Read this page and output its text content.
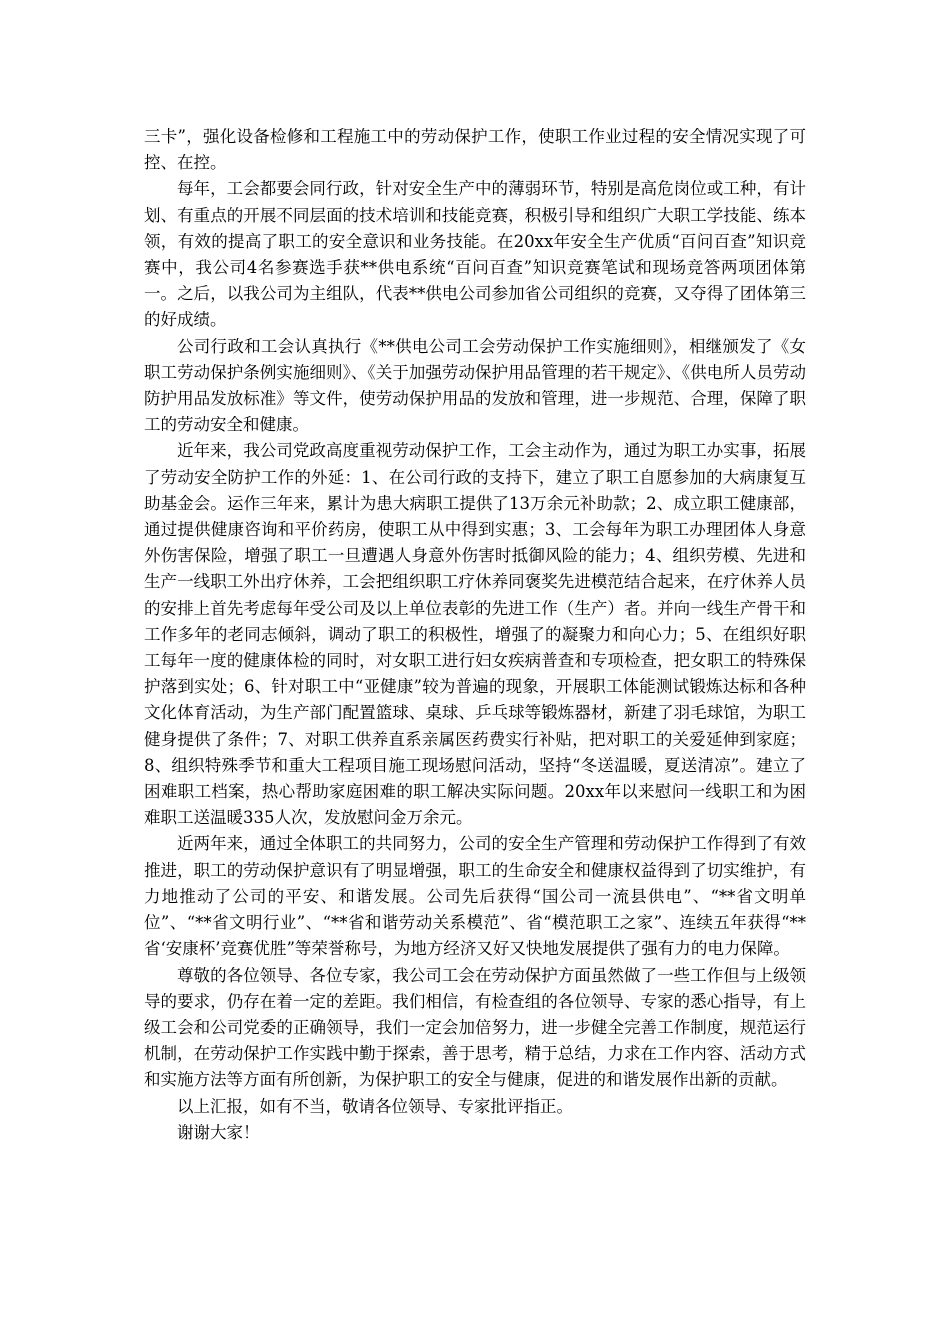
三卡”，强化设备检修和工程施工中的劳动保护工作，使职工作业过程的安全情况实现了可控、在控。

每年，工会都要会同行政，针对安全生产中的薄弱环节，特别是高危岗位或工种，有计划、有重点的开展不同层面的技术培训和技能竞赛，积极引导和组织广大职工学技能、练本领，有效的提高了职工的安全意识和业务技能。在20xx年安全生产优质“百问百查”知识竞赛中，我公司4名参赛选手获**供电系统“百问百查”知识竞赛笔试和现场竞答两项团体第一。之后，以我公司为主组队，代表**供电公司参加省公司组织的竞赛，又夺得了团体第三的好成绩。

公司行政和工会认真执行《**供电公司工会劳动保护工作实施细则》，相继颁发了《女职工劳动保护条例实施细则》、《关于加强劳动保护用品管理的若干规定》、《供电所人员劳动防护用品发放标准》等文件，使劳动保护用品的发放和管理，进一步规范、合理，保障了职工的劳动安全和健康。

近年来，我公司党政高度重视劳动保护工作，工会主动作为，通过为职工办实事，拓展了劳动安全防护工作的外延：1、在公司行政的支持下，建立了职工自愿参加的大病康复互助基金会。运作三年来，累计为患大病职工提供了13万余元补助款；2、成立职工健康部，通过提供健康咨询和平价药房，使职工从中得到实惠；3、工会每年为职工办理团体人身意外伤害保险，增强了职工一旦遭遇人身意外伤害时抵御风险的能力；4、组织劳模、先进和生产一线职工外出疗休养，工会把组织职工疗休养同褒奖先进模范结合起来，在疗休养人员的安排上首先考虑每年受公司及以上单位表彰的先进工作（生产）者。并向一线生产骨干和工作多年的老同志倾斜，调动了职工的积极性，增强了的凝聚力和向心力；5、在组织好职工每年一度的健康体检的同时，对女职工进行妇女疾病普查和专项检查，把女职工的特殊保护落到实处；6、针对职工中“亚健康”较为普遍的现象，开展职工体能测试锻炼达标和各种文化体育活动，为生产部门配置篮球、桌球、乒乓球等锻炼器材，新建了羽毛球馆，为职工健身提供了条件；7、对职工供养直系亲属医药费实行补贴，把对职工的关爱延伸到家庭；8、组织特殊季节和重大工程项目施工现场慰问活动，坚持“冬送温暖，夏送清凉”。建立了困难职工档案，热心帮助家庭困难的职工解决实际问题。20xx年以来慰问一线职工和为困难职工送温暖335人次，发放慰问金万余元。

近两年来，通过全体职工的共同努力，公司的安全生产管理和劳动保护工作得到了有效推进，职工的劳动保护意识有了明显增强，职工的生命安全和健康权益得到了切实维护，有力地推动了公司的平安、和谐发展。公司先后获得“国公司一流县供电”、“**省文明单位”、“**省文明行业”、“**省和谐劳动关系模范”、省“模范职工之家”、连续五年获得“**省‘安康杯’竞赛优胜”等荣誉称号，为地方经济又好又快地发展提供了强有力的电力保障。

尊敬的各位领导、各位专家，我公司工会在劳动保护方面虽然做了一些工作但与上级领导的要求，仍存在着一定的差距。我们相信，有检查组的各位领导、专家的悉心指导，有上级工会和公司党委的正确领导，我们一定会加倍努力，进一步健全完善工作制度，规范运行机制，在劳动保护工作实践中勤于探索，善于思考，精于总结，力求在工作内容、活动方式和实施方法等方面有所创新，为保护职工的安全与健康，促进的和谐发展作出新的贡献。

以上汇报，如有不当，敬请各位领导、专家批评指正。

谢谢大家！
